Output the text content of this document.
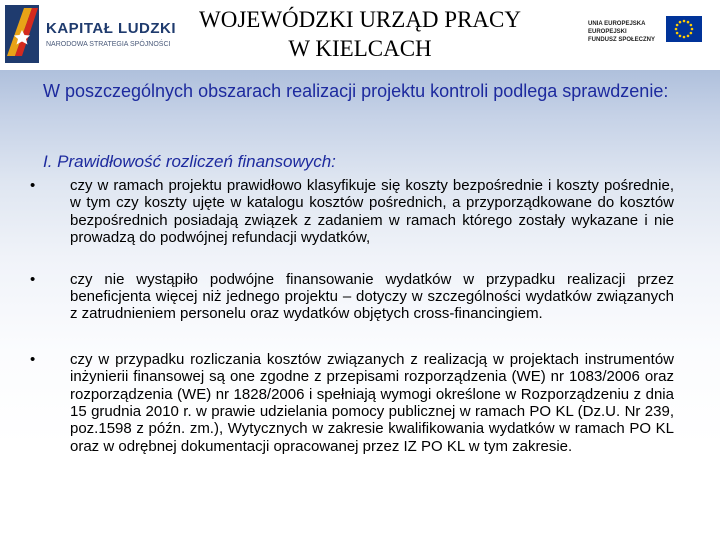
KAPITAŁ LUDZKI
NARODOWA STRATEGIA SPÓJNOŚCI
WOJEWÓDZKI URZĄD PRACY
W KIELCACH
UNIA EUROPEJSKA
EUROPEJSKI
FUNDUSZ SPOŁECZNY
W poszczególnych obszarach realizacji projektu kontroli podlega sprawdzenie:
I. Prawidłowość rozliczeń finansowych:
• czy w ramach projektu prawidłowo klasyfikuje się koszty bezpośrednie i koszty pośrednie, w tym czy koszty ujęte w katalogu kosztów pośrednich, a przyporządkowane do kosztów bezpośrednich posiadają związek z zadaniem w ramach którego zostały wykazane i nie prowadzą do podwójnej refundacji wydatków,
• czy nie wystąpiło podwójne finansowanie wydatków w przypadku realizacji przez beneficjenta więcej niż jednego projektu – dotyczy w szczególności wydatków związanych z zatrudnieniem personelu oraz wydatków objętych cross-financingiem.
• czy w przypadku rozliczania kosztów związanych z realizacją w projektach instrumentów inżynierii finansowej są one zgodne z przepisami rozporządzenia (WE) nr 1083/2006 oraz rozporządzenia (WE) nr 1828/2006 i spełniają wymogi określone w Rozporządzeniu z dnia 15 grudnia 2010 r. w prawie udzielania pomocy publicznej w ramach PO KL (Dz.U. Nr 239, poz.1598 z późn. zm.), Wytycznych w zakresie kwalifikowania wydatków w ramach PO KL oraz w odrębnej dokumentacji opracowanej przez IZ PO KL w tym zakresie.
